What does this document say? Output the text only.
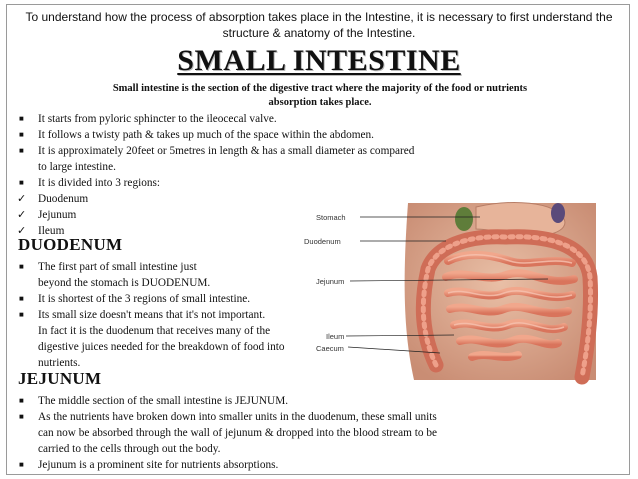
To understand how the process of absorption takes place in the Intestine, it is necessary to first understand the structure & anatomy of the Intestine.
SMALL INTESTINE
Small intestine is the section of the digestive tract where the majority of the food or nutrients absorption takes place.
■ It starts from pyloric sphincter to the ileocecal valve.
■ It follows a twisty path & takes up much of the space within the abdomen.
■ It is approximately 20feet or 5metres in length & has a small diameter as compared
to large intestine.
■ It is divided into 3 regions:
✓ Duodenum
✓ Jejunum
✓ Ileum
DUODENUM
■ The first part of small intestine just
beyond the stomach is DUODENUM.
■ It is shortest of the 3 regions of small intestine.
■ Its small size doesn't means that it's not important.
In fact it is the duodenum that receives many of the
digestive juices needed for the breakdown of food into
nutrients.
JEJUNUM
■ The middle section of the small intestine is JEJUNUM.
■ As the nutrients have broken down into smaller units in the duodenum, these small units
can now be absorbed through the wall of jejunum & dropped into the blood stream to be
carried to the cells through out the body.
■ Jejunum is a prominent site for nutrients absorptions.
Stomach
Duodenum
Jejunum
Ileum
Caecum
